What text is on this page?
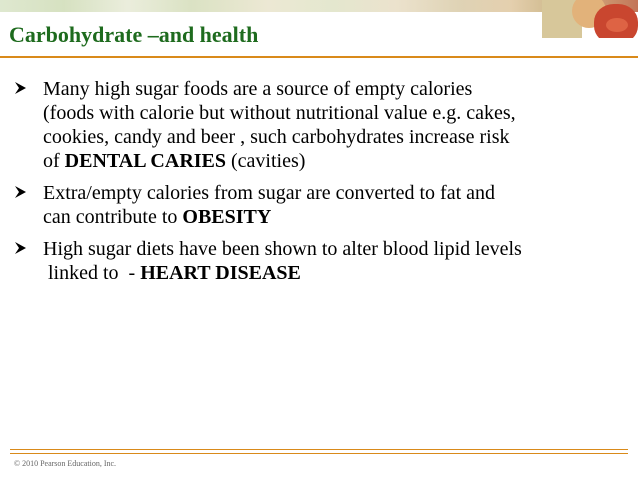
Carbohydrate –and health
Many high sugar foods are a source of empty calories
(foods with calorie but without nutritional value e.g. cakes,
cookies, candy and beer , such carbohydrates increase risk
of DENTAL CARIES (cavities)
Extra/empty calories from sugar are converted to fat and
can contribute to OBESITY
High sugar diets have been shown to alter blood lipid levels
linked to  - HEART DISEASE
© 2010 Pearson Education, Inc.
